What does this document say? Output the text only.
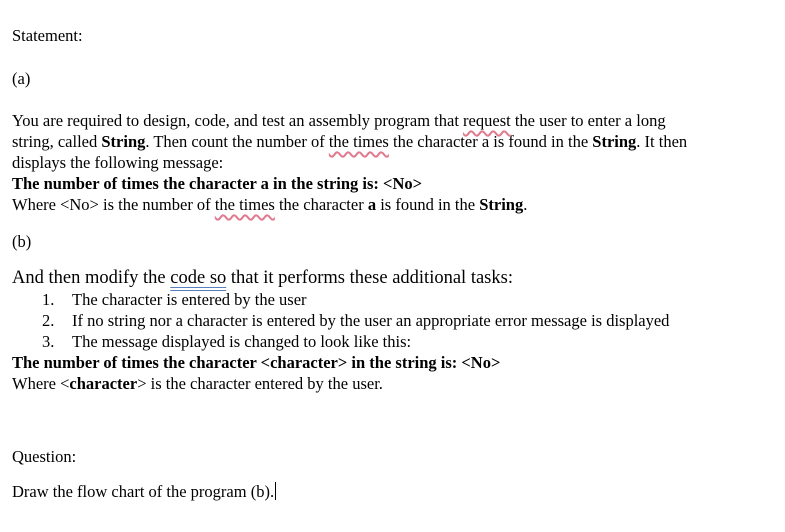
Statement:
(a)
You are required to design, code, and test an assembly program that request the user to enter a long
string, called String. Then count the number of the times the character a is found in the String. It then
displays the following message:
The number of times the character a in the string is: <No>
Where <No> is the number of the times the character a is found in the String.
(b)
And then modify the code so that it performs these additional tasks:
1. The character is entered by the user
2. If no string nor a character is entered by the user an appropriate error message is displayed
3. The message displayed is changed to look like this:
The number of times the character <character> in the string is: <No>
Where <character> is the character entered by the user.
Question:
Draw the flow chart of the program (b).
